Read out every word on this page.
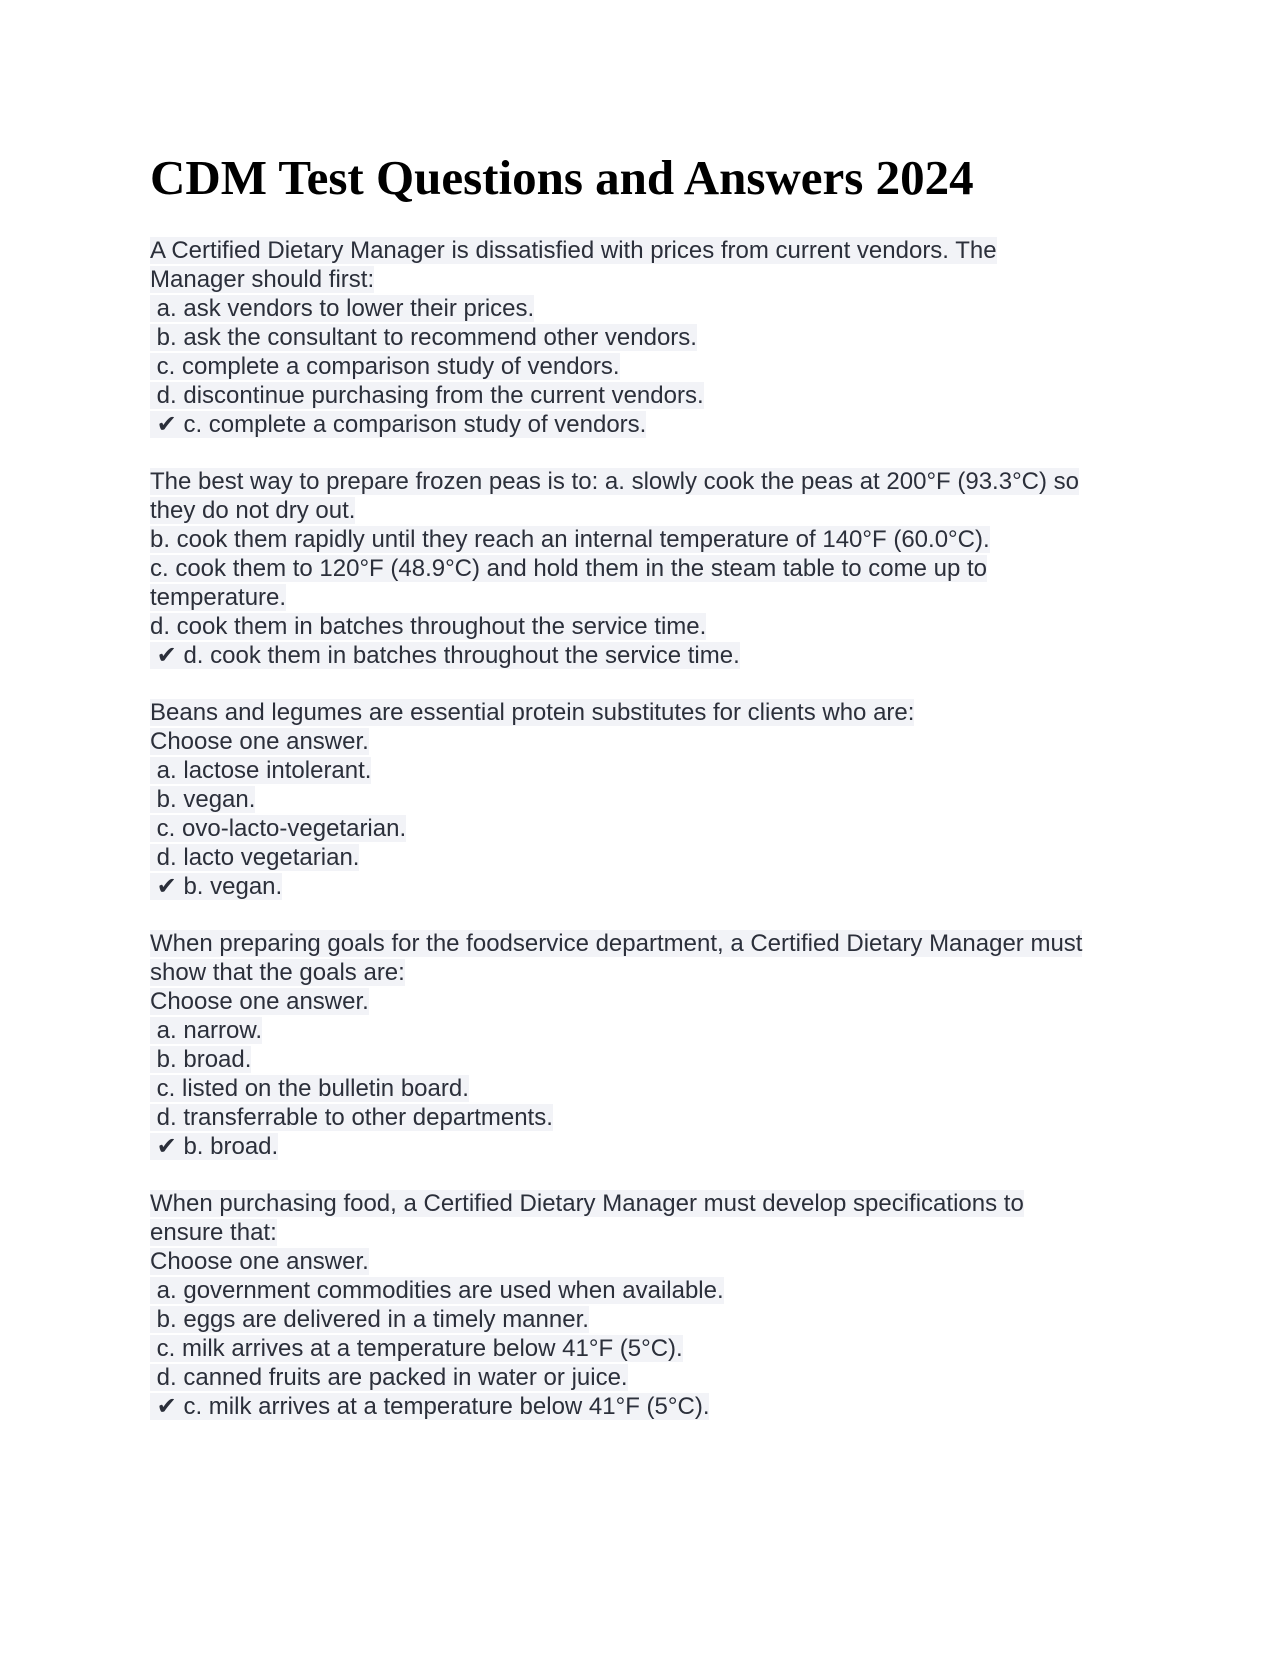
CDM Test Questions and Answers 2024
A Certified Dietary Manager is dissatisfied with prices from current vendors. The
Manager should first:
a. ask vendors to lower their prices.
b. ask the consultant to recommend other vendors.
c. complete a comparison study of vendors.
d. discontinue purchasing from the current vendors.
✔ c. complete a comparison study of vendors.
The best way to prepare frozen peas is to: a. slowly cook the peas at 200°F (93.3°C) so
they do not dry out.
b. cook them rapidly until they reach an internal temperature of 140°F (60.0°C).
c. cook them to 120°F (48.9°C) and hold them in the steam table to come up to
temperature.
d. cook them in batches throughout the service time.
✔ d. cook them in batches throughout the service time.
Beans and legumes are essential protein substitutes for clients who are:
Choose one answer.
a. lactose intolerant.
b. vegan.
c. ovo-lacto-vegetarian.
d. lacto vegetarian.
✔ b. vegan.
When preparing goals for the foodservice department, a Certified Dietary Manager must
show that the goals are:
Choose one answer.
a. narrow.
b. broad.
c. listed on the bulletin board.
d. transferrable to other departments.
✔ b. broad.
When purchasing food, a Certified Dietary Manager must develop specifications to
ensure that:
Choose one answer.
a. government commodities are used when available.
b. eggs are delivered in a timely manner.
c. milk arrives at a temperature below 41°F (5°C).
d. canned fruits are packed in water or juice.
✔ c. milk arrives at a temperature below 41°F (5°C).
